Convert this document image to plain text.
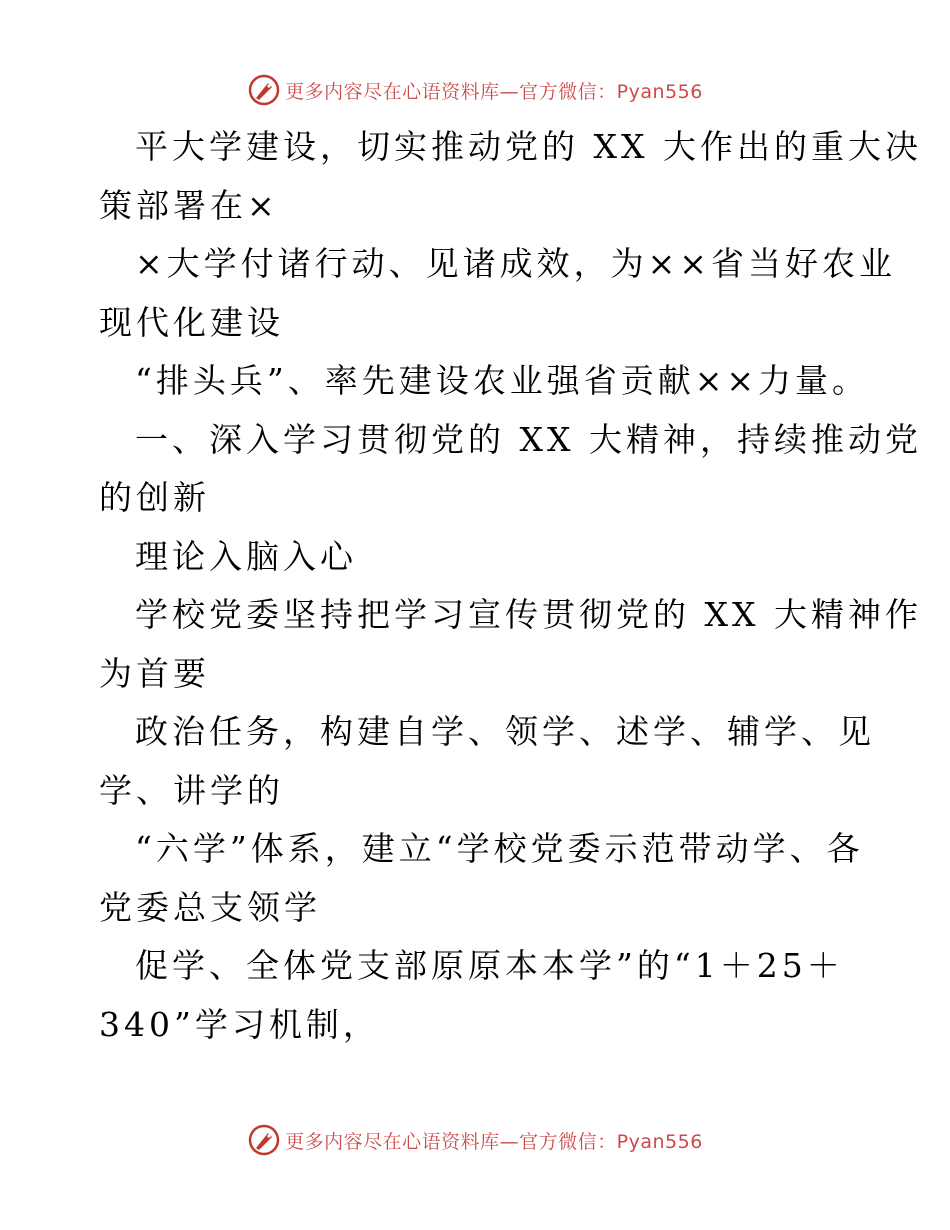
更多内容尽在心语资料库—官方微信：Pyan556
平大学建设，切实推动党的 XX 大作出的重大决
策部署在×
×大学付诸行动、见诸成效，为××省当好农业
现代化建设
“排头兵”、率先建设农业强省贡献××力量。
一、深入学习贯彻党的 XX 大精神，持续推动党
的创新
理论入脑入心
学校党委坚持把学习宣传贯彻党的 XX 大精神作
为首要
政治任务，构建自学、领学、述学、辅学、见
学、讲学的
“六学”体系，建立“学校党委示范带动学、各
党委总支领学
促学、全体党支部原原本本学”的“1＋25＋
340”学习机制，
更多内容尽在心语资料库—官方微信：Pyan556
